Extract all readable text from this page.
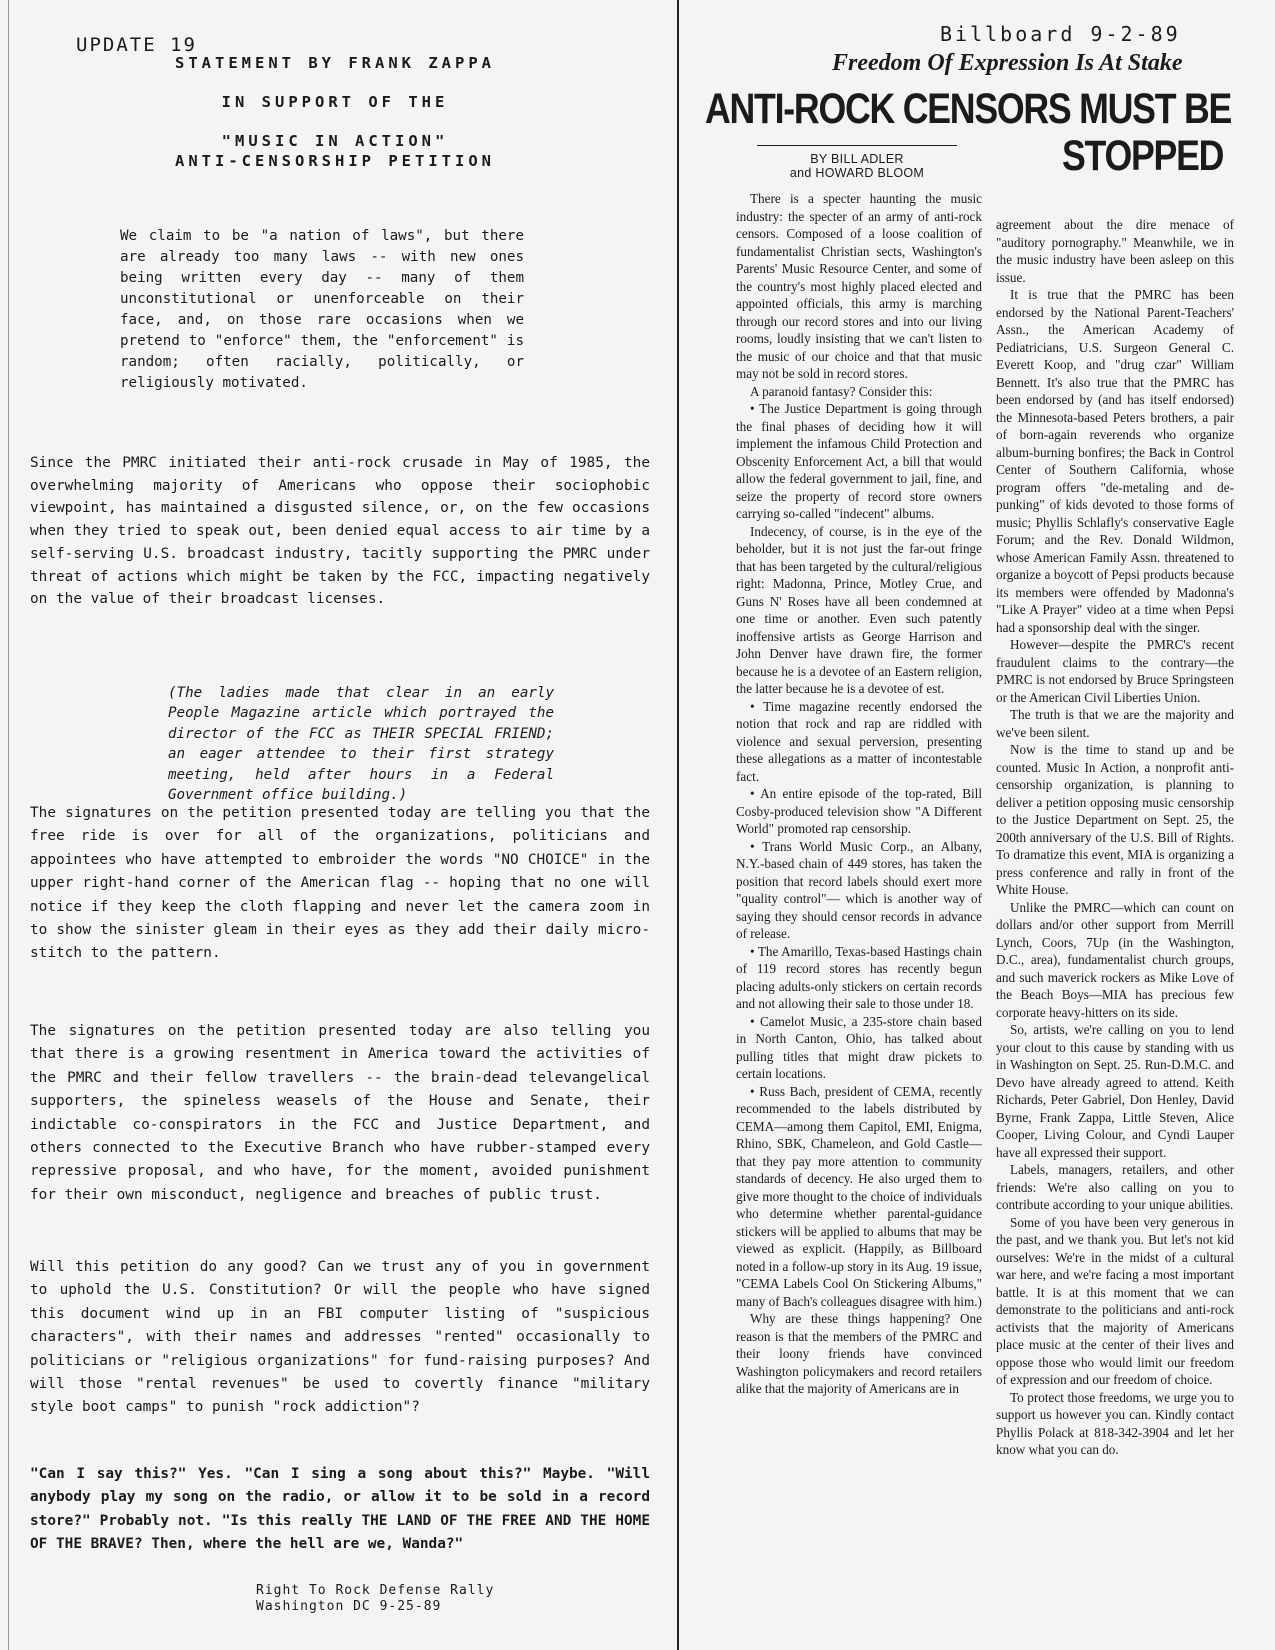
UPDATE 19
STATEMENT BY FRANK ZAPPA
IN SUPPORT OF THE
"MUSIC IN ACTION"
ANTI-CENSORSHIP PETITION

We claim to be "a nation of laws", but there are already too many laws -- with new ones being written every day -- many of them unconstitutional or unenforceable on their face, and, on those rare occasions when we pretend to "enforce" them, the "enforcement" is random; often racially, politically, or religiously motivated.

Since the PMRC initiated their anti-rock crusade in May of 1985, the overwhelming majority of Americans who oppose their sociophobic viewpoint, has maintained a disgusted silence, or, on the few occasions when they tried to speak out, been denied equal access to air time by a self-serving U.S. broadcast industry, tacitly supporting the PMRC under threat of actions which might be taken by the FCC, impacting negatively on the value of their broadcast licenses.

(The ladies made that clear in an early People Magazine article which portrayed the director of the FCC as THEIR SPECIAL FRIEND; an eager attendee to their first strategy meeting, held after hours in a Federal Government office building.)

The signatures on the petition presented today are telling you that the free ride is over for all of the organizations, politicians and appointees who have attempted to embroider the words "NO CHOICE" in the upper right-hand corner of the American flag -- hoping that no one will notice if they keep the cloth flapping and never let the camera zoom in to show the sinister gleam in their eyes as they add their daily micro-stitch to the pattern.

The signatures on the petition presented today are also telling you that there is a growing resentment in America toward the activities of the PMRC and their fellow travellers -- the brain-dead televangelical supporters, the spineless weasels of the House and Senate, their indictable co-conspirators in the FCC and Justice Department, and others connected to the Executive Branch who have rubber-stamped every repressive proposal, and who have, for the moment, avoided punishment for their own misconduct, negligence and breaches of public trust.

Will this petition do any good? Can we trust any of you in government to uphold the U.S. Constitution? Or will the people who have signed this document wind up in an FBI computer listing of "suspicious characters", with their names and addresses "rented" occasionally to politicians or "religious organizations" for fund-raising purposes? And will those "rental revenues" be used to covertly finance "military style boot camps" to punish "rock addiction"?

"Can I say this?" Yes. "Can I sing a song about this?" Maybe. "Will anybody play my song on the radio, or allow it to be sold in a record store?" Probably not. "Is this really THE LAND OF THE FREE AND THE HOME OF THE BRAVE? Then, where the hell are we, Wanda?"

Right To Rock Defense Rally
Washington DC 9-25-89
Billboard 9-2-89
Freedom Of Expression Is At Stake
ANTI-ROCK CENSORS MUST BE
STOPPED
BY BILL ADLER
and HOWARD BLOOM

There is a specter haunting the music industry: the specter of an army of anti-rock censors. Composed of a loose coalition of fundamentalist Christian sects, Washington's Parents' Music Resource Center, and some of the country's most highly placed elected and appointed officials, this army is marching through our record stores and into our living rooms, loudly insisting that we can't listen to the music of our choice and that that music may not be sold in record stores.

A paranoid fantasy? Consider this:

• The Justice Department is going through the final phases of deciding how it will implement the infamous Child Protection and Obscenity Enforcement Act, a bill that would allow the federal government to jail, fine, and seize the property of record store owners carrying so-called "indecent" albums.

Indecency, of course, is in the eye of the beholder, but it is not just the far-out fringe that has been targeted by the cultural/religious right: Madonna, Prince, Motley Crue, and Guns N' Roses have all been condemned at one time or another. Even such patently inoffensive artists as George Harrison and John Denver have drawn fire, the former because he is a devotee of an Eastern religion, the latter because he is a devotee of est.

• Time magazine recently endorsed the notion that rock and rap are riddled with violence and sexual perversion, presenting these allegations as a matter of incontestable fact.

• An entire episode of the top-rated, Bill Cosby-produced television show "A Different World" promoted rap censorship.

• Trans World Music Corp., an Albany, N.Y.-based chain of 449 stores, has taken the position that record labels should exert more "quality control"— which is another way of saying they should censor records in advance of release.

• The Amarillo, Texas-based Hastings chain of 119 record stores has recently begun placing adults-only stickers on certain records and not allowing their sale to those under 18.

• Camelot Music, a 235-store chain based in North Canton, Ohio, has talked about pulling titles that might draw pickets to certain locations.

• Russ Bach, president of CEMA, recently recommended to the labels distributed by CEMA—among them Capitol, EMI, Enigma, Rhino, SBK, Chameleon, and Gold Castle—that they pay more attention to community standards of decency. He also urged them to give more thought to the choice of individuals who determine whether parental-guidance stickers will be applied to albums that may be viewed as explicit. (Happily, as Billboard noted in a follow-up story in its Aug. 19 issue, "CEMA Labels Cool On Stickering Albums," many of Bach's colleagues disagree with him.)

Why are these things happening? One reason is that the members of the PMRC and their loony friends have convinced Washington policymakers and record retailers alike that the majority of Americans are in

agreement about the dire menace of "auditory pornography." Meanwhile, we in the music industry have been asleep on this issue.

It is true that the PMRC has been endorsed by the National Parent-Teachers' Assn., the American Academy of Pediatricians, U.S. Surgeon General C. Everett Koop, and "drug czar" William Bennett. It's also true that the PMRC has been endorsed by (and has itself endorsed) the Minnesota-based Peters brothers, a pair of born-again reverends who organize album-burning bonfires; the Back in Control Center of Southern California, whose program offers "de-metaling and de-punking" of kids devoted to those forms of music; Phyllis Schlafly's conservative Eagle Forum; and the Rev. Donald Wildmon, whose American Family Assn. threatened to organize a boycott of Pepsi products because its members were offended by Madonna's "Like A Prayer" video at a time when Pepsi had a sponsorship deal with the singer.

However—despite the PMRC's recent fraudulent claims to the contrary—the PMRC is not endorsed by Bruce Springsteen or the American Civil Liberties Union.

The truth is that we are the majority and we've been silent.

Now is the time to stand up and be counted. Music In Action, a nonprofit anti-censorship organization, is planning to deliver a petition opposing music censorship to the Justice Department on Sept. 25, the 200th anniversary of the U.S. Bill of Rights. To dramatize this event, MIA is organizing a press conference and rally in front of the White House.

Unlike the PMRC—which can count on dollars and/or other support from Merrill Lynch, Coors, 7Up (in the Washington, D.C., area), fundamentalist church groups, and such maverick rockers as Mike Love of the Beach Boys—MIA has precious few corporate heavy-hitters on its side.

So, artists, we're calling on you to lend your clout to this cause by standing with us in Washington on Sept. 25. Run-D.M.C. and Devo have already agreed to attend. Keith Richards, Peter Gabriel, Don Henley, David Byrne, Frank Zappa, Little Steven, Alice Cooper, Living Colour, and Cyndi Lauper have all expressed their support.

Labels, managers, retailers, and other friends: We're also calling on you to contribute according to your unique abilities.

Some of you have been very generous in the past, and we thank you. But let's not kid ourselves: We're in the midst of a cultural war here, and we're facing a most important battle. It is at this moment that we can demonstrate to the politicians and anti-rock activists that the majority of Americans place music at the center of their lives and oppose those who would limit our freedom of expression and our freedom of choice.

To protect those freedoms, we urge you to support us however you can. Kindly contact Phyllis Polack at 818-342-3904 and let her know what you can do.
